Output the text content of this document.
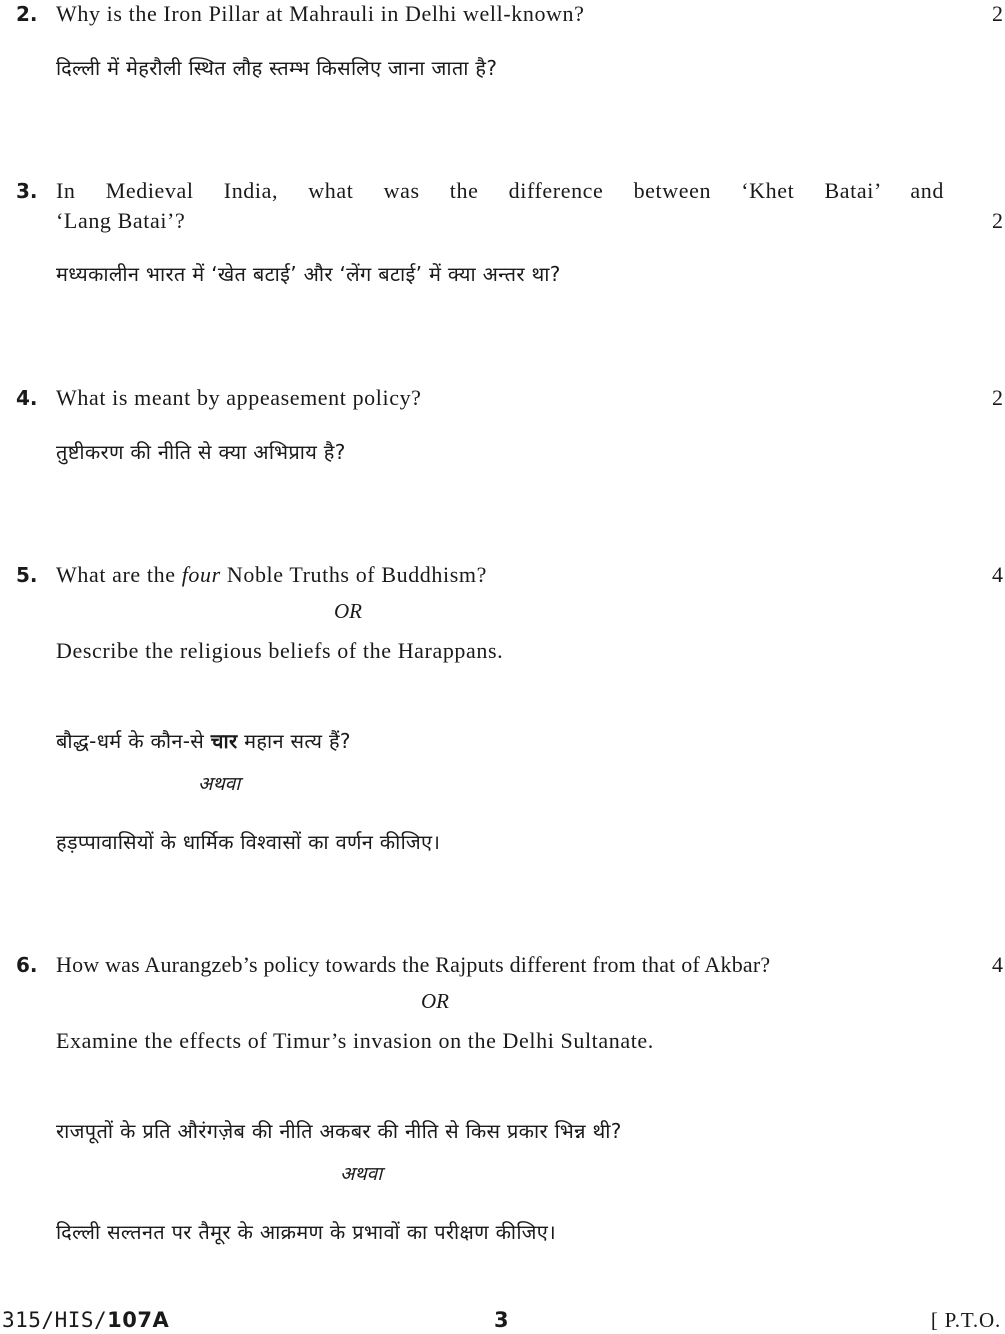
2. Why is the Iron Pillar at Mahrauli in Delhi well-known?	2
दिल्ली में मेहरौली स्थित लौह स्तम्भ किसलिए जाना जाता है?
3. In Medieval India, what was the difference between ‘Khet Batai’ and
‘Lang Batai’?	2
मध्यकालीन भारत में ‘खेत बटाई’ और ‘लेंग बटाई’ में क्या अन्तर था?
4. What is meant by appeasement policy?	2
तुष्टीकरण की नीति से क्या अभिप्राय है?
5. What are the four Noble Truths of Buddhism?	4
OR
Describe the religious beliefs of the Harappans.
बौद्ध-धर्म के कौन-से चार महान सत्य हैं?
अथवा
हड़प्पावासियों के धार्मिक विश्वासों का वर्णन कीजिए।
6. How was Aurangzeb’s policy towards the Rajputs different from that of Akbar?	4
OR
Examine the effects of Timur’s invasion on the Delhi Sultanate.
राजपूतों के प्रति औरंगज़ेब की नीति अकबर की नीति से किस प्रकार भिन्न थी?
अथवा
दिल्ली सल्तनत पर तैमूर के आक्रमण के प्रभावों का परीक्षण कीजिए।
315/HIS/107A	3	[ P.T.O.
